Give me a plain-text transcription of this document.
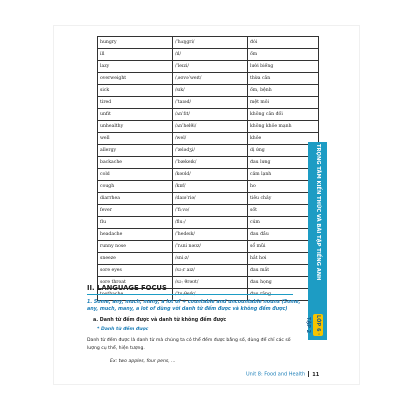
hungry	/ˈhʌŋgri/	đói
ill	/ɪl/	ốm
lazy	/ˈleɪzi/	lười biếng
overweight	/ˌəʊvəˈweɪt/	thừa cân
sick	/sɪk/	ốm, bệnh
tired	/ˈtaɪəd/	mệt mỏi
unfit	/ʌnˈfɪt/	không cân đối
unhealthy	/ʌnˈhelθi/	không khỏe mạnh
well	/wel/	khỏe
allergy	/ˈælədʒi/	dị ứng
backache	/ˈbækeɪk/	đau lưng
cold	/kəʊld/	cảm lạnh
cough	/kɒf/	ho
diarrhea	/daɪəˈriə/	tiêu chảy
fever	/ˈfiːvə/	sốt
flu	/fluː/	cúm
headache	/ˈhedeɪk/	đau đầu
runny nose	/ˈrʌni nəʊz/	sổ mũi
sneeze	/sniːz/	hắt hơi
sore eyes	/sɔːr aɪz/	đau mắt
sore throat	/sɔː θrəʊt/	đau họng

TRỌNG TÂM KIẾN THỨC VÀ BÀI TẬP TIẾNG ANH
LỚP 6 · TẬP 2
II. LANGUAGE FOCUS
1. Some, any, much, many, a lot of + countable and uncountable nouns (Some, any, much, many, a lot of dùng với danh từ đếm được và không đếm được)
a. Danh từ đếm được và danh từ không đếm được
* Danh từ đếm được
Danh từ đếm được là danh từ mà chúng ta có thể đếm được bằng số, dùng để chỉ các số lượng cụ thể, hiện tượng.
Ex: two apples, four pens, ...
Unit 8: Food and Health 11
